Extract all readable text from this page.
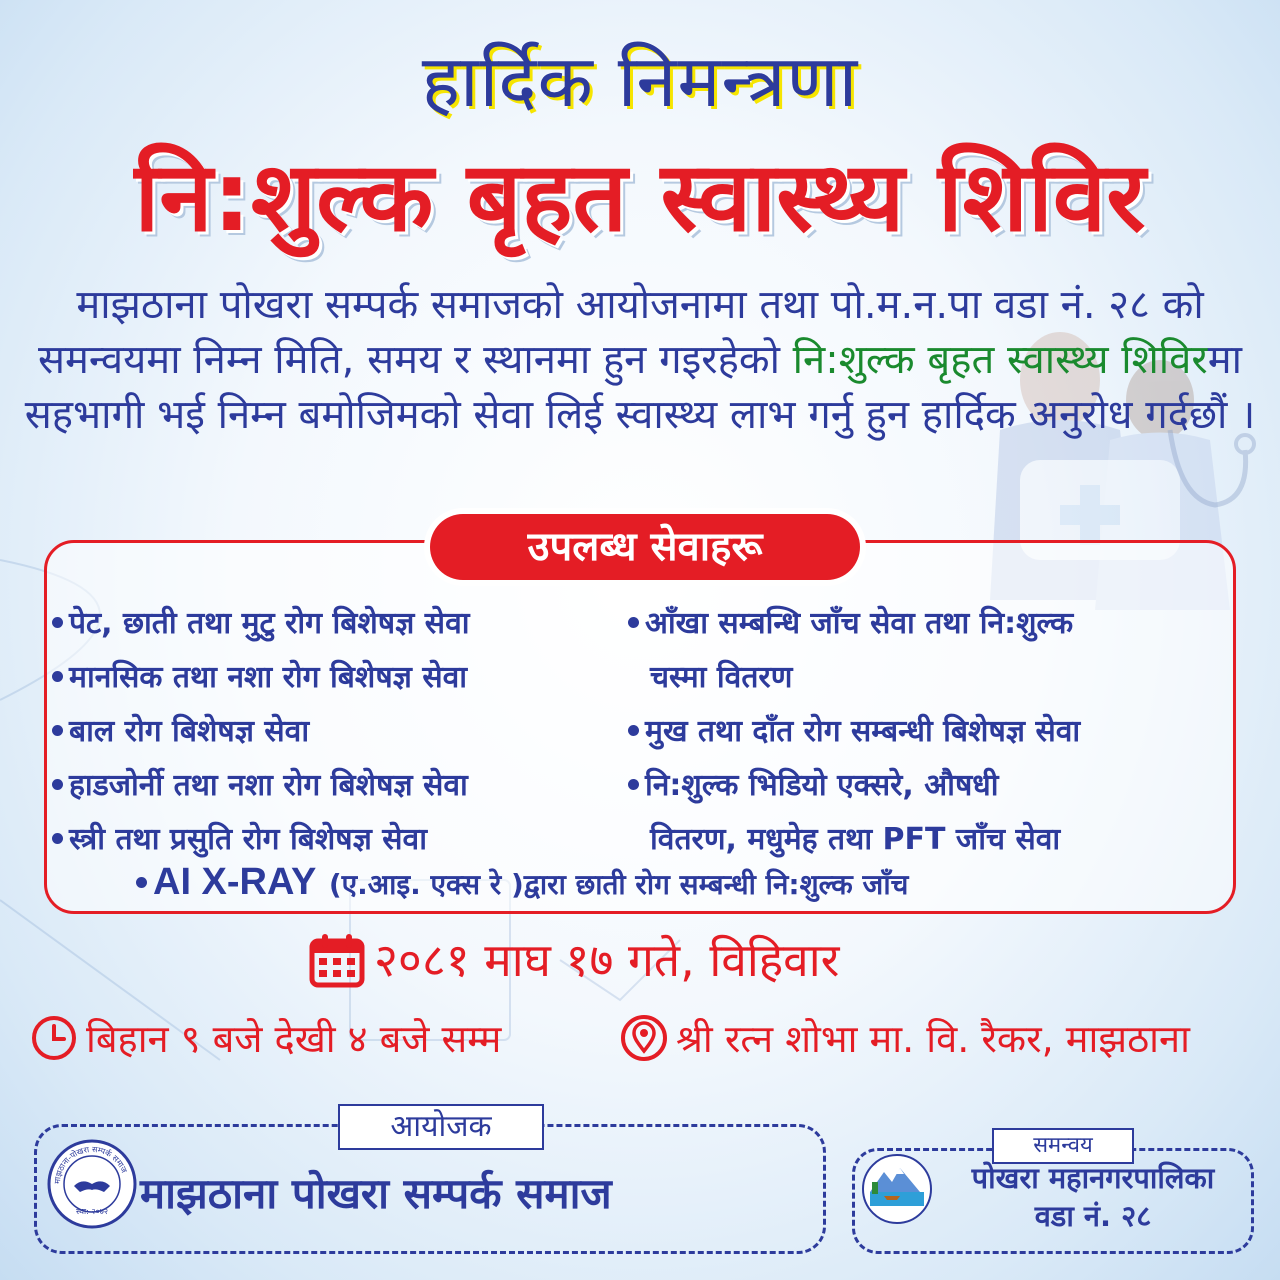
हार्दिक निमन्त्रणा
नि:शुल्क बृहत स्वास्थ्य शिविर
माझठाना पोखरा सम्पर्क समाजको आयोजनामा तथा पो.म.न.पा वडा नं. २८ को समन्वयमा निम्न मिति, समय र स्थानमा हुन गइरहेको नि:शुल्क बृहत स्वास्थ्य शिविरमा सहभागी भई निम्न बमोजिमको सेवा लिई स्वास्थ्य लाभ गर्नु हुन हार्दिक अनुरोध गर्दछौं ।
उपलब्ध सेवाहरू
पेट, छाती तथा मुटु रोग बिशेषज्ञ सेवा
मानसिक तथा नशा रोग बिशेषज्ञ सेवा
बाल रोग बिशेषज्ञ सेवा
हाडजोर्नी तथा नशा रोग बिशेषज्ञ सेवा
स्त्री तथा प्रसुति रोग बिशेषज्ञ सेवा
आँखा सम्बन्धि जाँच सेवा तथा नि:शुल्क
चस्मा वितरण
मुख तथा दाँत रोग सम्बन्धी बिशेषज्ञ सेवा
नि:शुल्क भिडियो एक्सरे, औषधी
वितरण, मधुमेह तथा PFT जाँच सेवा
AI X-RAY (ए.आइ. एक्स रे )द्वारा छाती रोग सम्बन्धी नि:शुल्क जाँच
२०८१ माघ १७ गते, विहिवार
बिहान ९ बजे देखी ४ बजे सम्म	श्री रत्न शोभा मा. वि. रैकर, माझठाना
आयोजक
माझठाना-पोखरा सम्पर्क समाज
स्था: २०७२ माझठाना पोखरा सम्पर्क समाज
समन्वय
पोखरा महानगरपालिका
वडा नं. २८
